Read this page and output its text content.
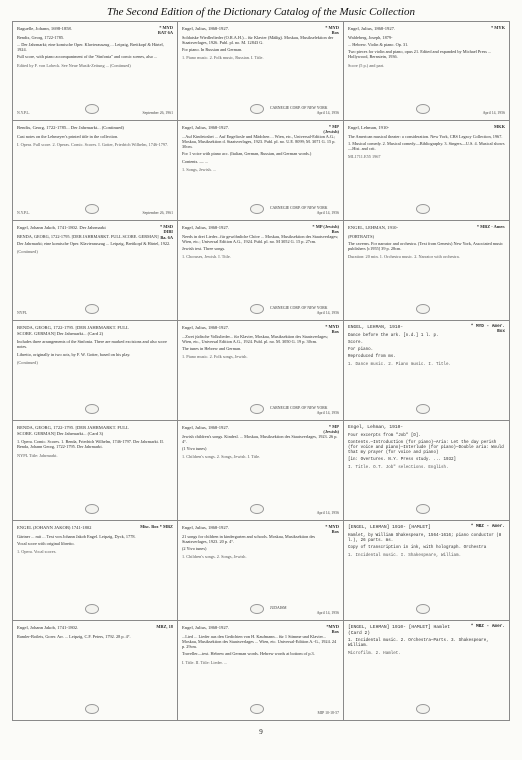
The Second Edition of the Dictionary Catalog of the Music Collection
* MYD
BAT 6A
Raguelle, Johann, 1698-1858.

Bendix, Georg, 1722-1785.

... Der Jahrmarkt; eine komische Oper. Klavierauszug ... Leipzig, Breitkopf & Härtel, 1924.

Full score, with piano accompaniment of the "Sinfonia" and comic scenes, also ...

Edited by F. von Lobeck. See Neue Musik-Zeitung ... (Continued)
N.Y.P.L.	September 26, 1961
* MYD
Box
Engel, Julius, 1868-1927.

Soldatske Wiedlerlieder (O.R.A.H.)... für Klavier (Mäßig). Moskau, Musikselektion der Staatsverlages, 1926. Publ. pl. no. M. 12843 G.

For piano. In Russian and German.

1. Piano music. 2. Folk music, Russian. I. Title.
April 14, 1956
CARNEGIE CORP. OF NEW YORK
* MYK
Engel, Julius, 1868-1927.

Waldeberg, Joseph, 1879-

... Hebrew. Violin & piano. Op. 31.

Two pieces for violin and piano, opus 21. Edited and expanded by Michael Press ... Hollywood, Bernstein, 1936.

Score (5 p.) and part.
April 14, 1956
Bendix, Georg, 1722-1785... Der Jahrmarkt... (Continued)

Cast notes on the Lehmeyer's printed title in the collection.

I. Opera. Full score. 2. Operas. Comic. Scores. I. Gotter, Friedrich Wilhelm, 1746-1797.
N.Y.P.L.	September 26, 1961
* MP
(Jewish)
Engel, Julius, 1868-1927.

...Auf Kindetosbei ... Auf Engeliosle und Mädchen ... Wien, etc., Universal-Edition A.G.; Moskau, Musiksektion d. Staatsverlages, 1923. Publ. pl. no. U.E. 8099; M. 3071 G. 15 p. 30cm.

For 1 voice with piano acc. (Italian, German, Russian, and German words.)

Contents. — ...

1. Songs, Jewish. ...
April 14, 1956
CARNEGIE CORP. OF NEW YORK
MKK
Engel, Lehman, 1910-

The American musical theater: a consideration. New York, CBS Legacy Collection, 1967.

1. Musical comedy. 2. Musical comedy—Bibliography. 3. Singers—U.S. 4. Musical shows—Hist. and crit.

ML1711.E55 1967
* MSD
DIBI
Ba. 6A
Engel, Johann Jakob, 1741-1802. Der Jahrmarkt

BENDA, GEORG, 1722-1795. [DER JAHRMARKT. FULL SCORE. GERMAN]

Der Jahrmarkt; eine komische Oper. Klavierauszug ... Leipzig, Breitkopf & Härtel, 1922.

(Continued)
NYPL
* MP (Jewish)
Box
Engel, Julius, 1868-1927.

Needs in drei Lieder...für gewöhnliche Chöre ... Moskau, Musiksektion des Staatsverlages; Wien, etc.; Universal Edition A.G., 1924. Publ. pl. no. M 3052 G. 15 p. 27cm.

Jewish text. Three songs.

1. Choruses, Jewish. I. Title.
April 14, 1956
CARNEGIE CORP. OF NEW YORK
* MBZ - Amer.
ENGEL, LEHMAN, 1910-

(PORTRAITS)

The caverns. For narrator and orchestra. (Text from Genesis) New York, Associated music publishers [c1955] 39 p. 28cm.

Duration: 20 min. 1. Orchestra music. 2. Narrator with orchestra.
BENDA, GEORG, 1722-1795. [DER JAHRMARKT. FULL SCORE. GERMAN] Der Jahrmarkt... (Card 2)

Includes three arrangements of the Sinfonia. There are marked excisions and also score notes.

Libretto, originally in two acts, by F. W. Gotter, based on his play.

(Continued)
* MYD
Box
Engel, Julius, 1868-1927.

...Zwei jüdische Volkslieder... für Klavier, Moskau, Musiksektion des Staatsverlages; Wien, etc., Universal Edition A.G., 1924. Publ. pl. no. M. 3050 G. 19 p. 30cm.

The tunes in Hebrew and German.

1. Piano music. 2. Folk songs, Jewish.
April 14, 1956
CARNEGIE CORP. OF NEW YORK
* MYD - Amer.
Box
ENGEL, LEHMAN, 1910-

Dance before the ark. [n.d.] 1 l. p.

Score.

For piano.

Reproduced from ms.

1. Dance music. 2. Piano music. I. Title.
BENDA, GEORG, 1722-1795. [DER JAHRMARKT. FULL SCORE. GERMAN] Der Jahrmarkt... (Card 3)

1. Opera. Comic. Scores. 1. Benda, Friedrich Wilhelm, 1746-1797. Der Jahrmarkt. II. Benda, Johann Georg, 1722-1795. Der Jahrmarkt.

NYPL Title: Jahrmarkt.
* MP
(Jewish)
Engel, Julius, 1868-1927.

Jewish children's songs. Kindesl. ... Moskau, Musiksektion des Staatsverlages, 1923. 26 p. 4°.

(1 Yivo tunes)

1. Children's songs. 2. Songs, Jewish. I. Title.
April 14, 1956
Engel, Lehman, 1910-

Four excerpts from "Job" [D].

Contents.—Introduction (for piano)—Aria: Let the day perish (for voice and piano)—Interlude (for piano)—Double aria: Would that my prayer (for voice and piano)

[in: Overtures. N.Y. Press study. ... 1932]

I. Title. O.T. Job" selections. English.
Misc. Box * MBZ
ENGEL (JOHANN JAKOB) 1741-1802

Gärtner ... mit ... Text von Johann Jakob Engel. Leipzig, Dyck, 1778.

Vocal score with original libretto.

1. Opera. Vocal scores.
* MYD
Box
Engel, Julius, 1868-1927.

21 songs for children in kindergarten and schools. Moskau, Musiksektion des Staatsverlages, 1923. 20 p. 4°.

(2 Yivo tunes)

1. Children's songs. 2. Songs, Jewish.
April 14, 1956
JUDAISM
* MBZ - Amer.
[ENGEL, LEHMAN] 1910- [HAMLET]

Hamlet, by William Shakespeare, 1564-1616; piano conductor (8 l.), 26 parts. ms.

Copy of transcription in ink, with holograph. Orchestra

1. Incidental music. I. Shakespeare, William.
MBZ, 18
Engel, Johann Jakob, 1741-1802.

Ramler-Boilets, Gorer. Arr. ... Leipzig, C.F. Peters, 1792. 28 p. 4°.

*MYD
Box
Engel, Julius, 1868-1927.

...Lied ... Lieder aus den Gedichten von H. Kaufmann... für 1 Stimme und Klavier... Moskau, Musiksektion des Staatsverlages ... Wien, etc. Universal-Edition A.-G., 1924. 24 p. 29cm.

Traveller—text. Hebrew and German words. Hebrew words at bottom of p.3.

I. Title. II. Title: Lieder. ...
MIP 10-18-57
* MBZ - Amer.
[ENGEL, LEHMAN] 1910- [HAMLET] Hamlet (Card 2)

1. Incidental music. 2. Orchestra—Parts. 3. Shakespeare, William.

Microfilm. 2. Hamlet.
9
